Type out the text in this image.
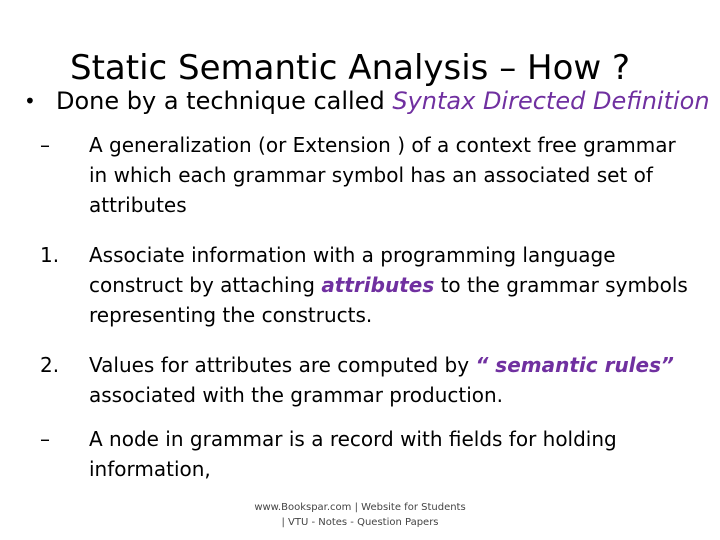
Static Semantic Analysis – How ?
• Done by a technique called Syntax Directed Definition
– A generalization (or Extension ) of a context free grammar
in which each grammar symbol has an associated set of
attributes
1. Associate information with a programming language
construct by attaching attributes to the grammar symbols
representing the constructs.
2. Values for attributes are computed by “ semantic rules”
associated with the grammar production.
– A node in grammar is a record with fields for holding
information,
www.Bookspar.com | Website for Students
| VTU - Notes - Question Papers
